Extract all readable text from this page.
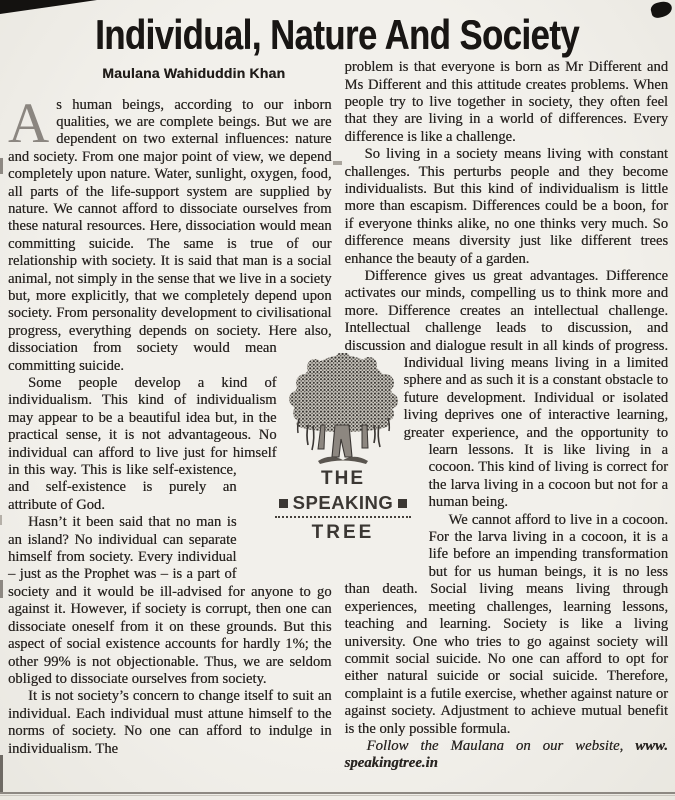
Individual, Nature And Society
Maulana Wahiduddin Khan

As human beings, according to our inborn qualities, we are complete beings. But we are dependent on two external influences: nature and society. From one major point of view, we depend completely upon nature. Water, sunlight, oxygen, food, all parts of the life-support system are supplied by nature. We cannot afford to dissociate ourselves from these natural resources. Here, dissociation would mean committing suicide. The same is true of our relationship with society. It is said that man is a social animal, not simply in the sense that we live in a society but, more explicitly, that we completely depend upon society. From personality development to civilisational progress, everything depends on society. Here also, dissociation from society would mean committing suicide.

Some people develop a kind of individualism. This kind of individualism may appear to be a beautiful idea but, in the practical sense, it is not advantageous. No individual can afford to live just for himself in this way. This is like self-existence, and self-existence is purely an attribute of God.

Hasn’t it been said that no man is an island? No individual can separate himself from society. Every individual – just as the Prophet was – is a part of society and it would be ill-advised for anyone to go against it. However, if society is corrupt, then one can dissociate oneself from it on these grounds. But this aspect of social existence accounts for hardly 1%; the other 99% is not objectionable. Thus, we are seldom obliged to dissociate ourselves from society.

It is not society’s concern to change itself to suit an individual. Each individual must attune himself to the norms of society. No one can afford to indulge in individualism. The

problem is that everyone is born as Mr Different and Ms Different and this attitude creates problems. When people try to live together in society, they often feel that they are living in a world of differences. Every difference is like a challenge.

So living in a society means living with constant challenges. This perturbs people and they become individualists. But this kind of individualism is little more than escapism. Differences could be a boon, for if everyone thinks alike, no one thinks very much. So difference means diversity just like different trees enhance the beauty of a garden.

Difference gives us great advantages. Difference activates our minds, compelling us to think more and more. Difference creates an intellectual challenge. Intellectual challenge leads to discussion, and discussion and dialogue result in all kinds of progress. Individual living means living in a limited sphere and as such it is a constant obstacle to future development. Individual or isolated living deprives one of interactive learning, greater experience, and the opportunity to learn lessons. It is like living in a cocoon. This kind of living is correct for the larva living in a cocoon but not for a human being.

We cannot afford to live in a cocoon. For the larva living in a cocoon, it is a life before an impending transformation but for us human beings, it is no less than death. Social living means living through experiences, meeting challenges, learning lessons, teaching and learning. Society is like a living university. One who tries to go against society will commit social suicide. No one can afford to opt for either natural suicide or social suicide. Therefore, complaint is a futile exercise, whether against nature or against society. Adjustment to achieve mutual benefit is the only possible formula.

Follow the Maulana on our website, www. speakingtree.in

THE
SPEAKING
TREE
